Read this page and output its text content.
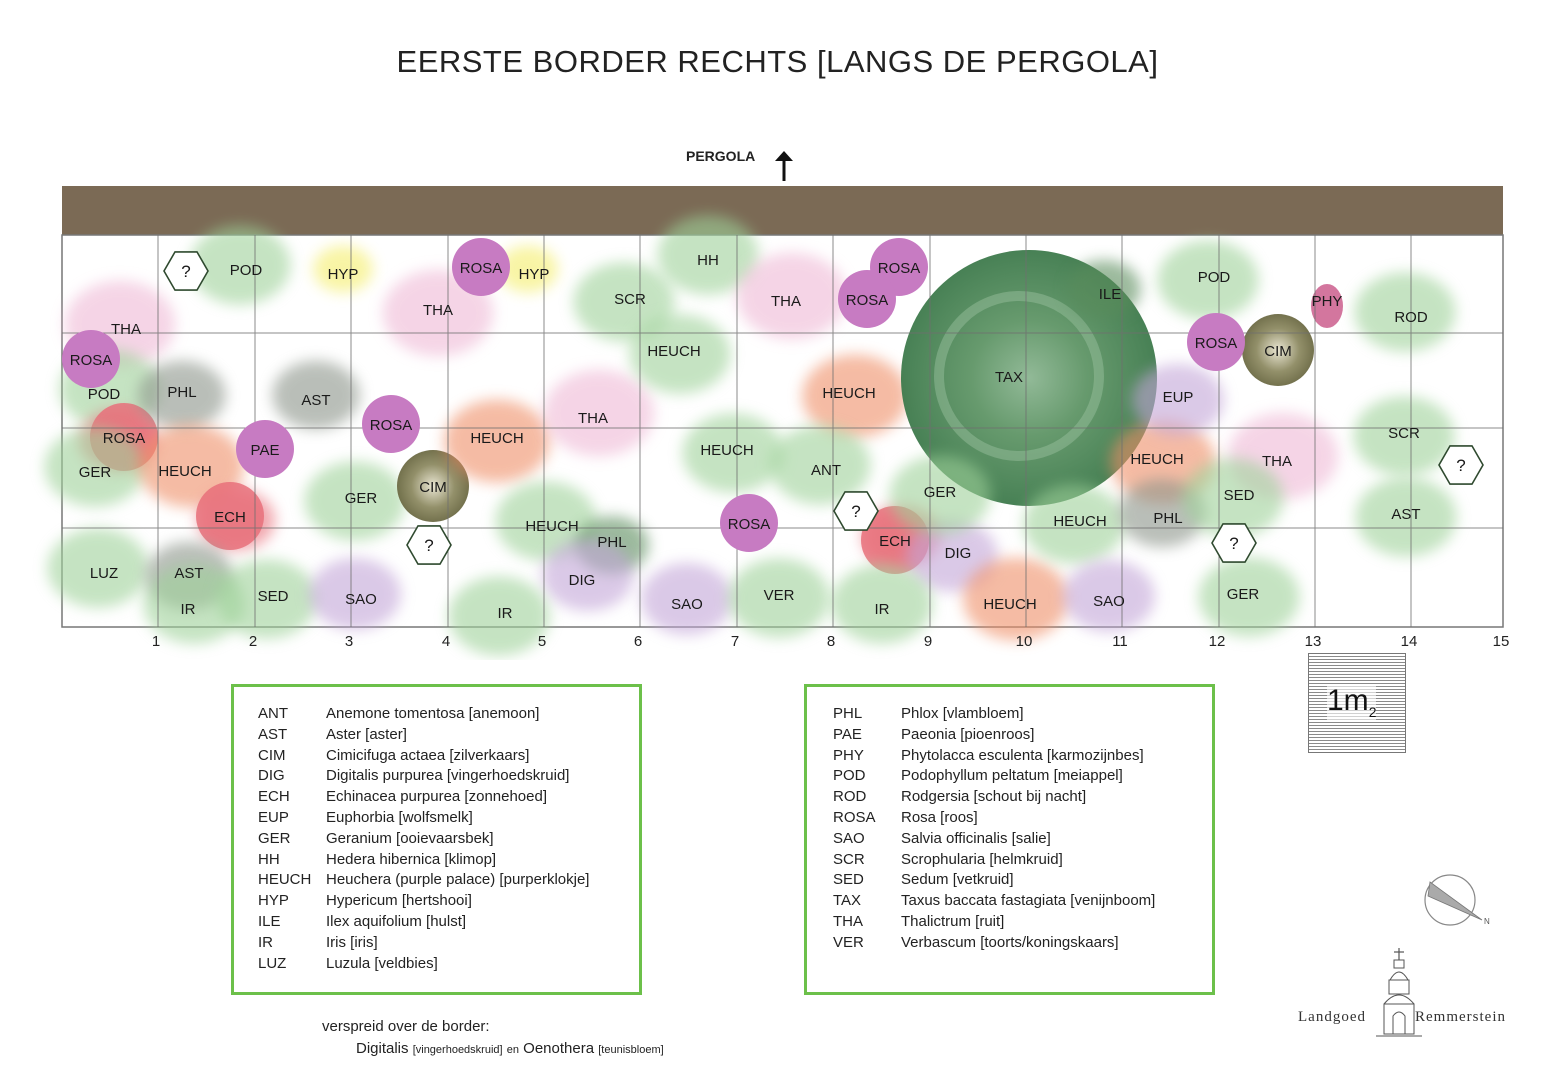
EERSTE BORDER RECHTS [LANGS DE PERGOLA]
PERGOLA
THA
ROSA
POD
ROSA
GER
?	POD
PHL
HEUCH
PAE
AST
ECH
LUZ	AST
IR
SED
HYP	ROSA HYP
THA
ROSA
GER
CIM
?
SAO
HEUCH
THA
SCR
HH
HEUCH
HEUCH
PHL
DIG
IR
SAO
HEUCH
ROSA
VER
THA
ROSA
ROSA
HEUCH
ANT
?
ECH
DIG
IR
TAX
ILE
GER
HEUCH
HEUCH
SAO
HEUCH
PHL
EUP
ROSA
POD
CIM
PHY
ROD
SCR
THA
SED
?
GER
?
AST
1	2	3	4	5	6	7	8	9	10	11	12	13	14	15
ANT	Anemone tomentosa [anemoon]
AST	Aster [aster]
CIM	Cimicifuga actaea [zilverkaars]
DIG	Digitalis purpurea [vingerhoedskruid]
ECH	Echinacea purpurea [zonnehoed]
EUP	Euphorbia [wolfsmelk]
GER	Geranium [ooievaarsbek]
HH	Hedera hibernica [klimop]
HEUCH Heuchera (purple palace) [purperklokje]
HYP	Hypericum [hertshooi]
ILE	Ilex aquifolium [hulst]
IR	Iris [iris]
LUZ	Luzula [veldbies]
PHL	Phlox [vlambloem]
PAE	Paeonia [pioenroos]
PHY	Phytolacca esculenta [karmozijnbes]
POD	Podophyllum peltatum [meiappel]
ROD	Rodgersia [schout bij nacht]
ROSA	Rosa [roos]
SAO	Salvia officinalis [salie]
SCR	Scrophularia [helmkruid]
SED	Sedum [vetkruid]
TAX	Taxus baccata fastagiata [venijnboom]
THA	Thalictrum [ruit]
VER	Verbascum [toorts/koningskaars]
$1m_2$
N
verspreid over de border:
Digitalis [vingerhoedskruid] en Oenothera [teunisbloem]
Landgoed	Remmerstein
